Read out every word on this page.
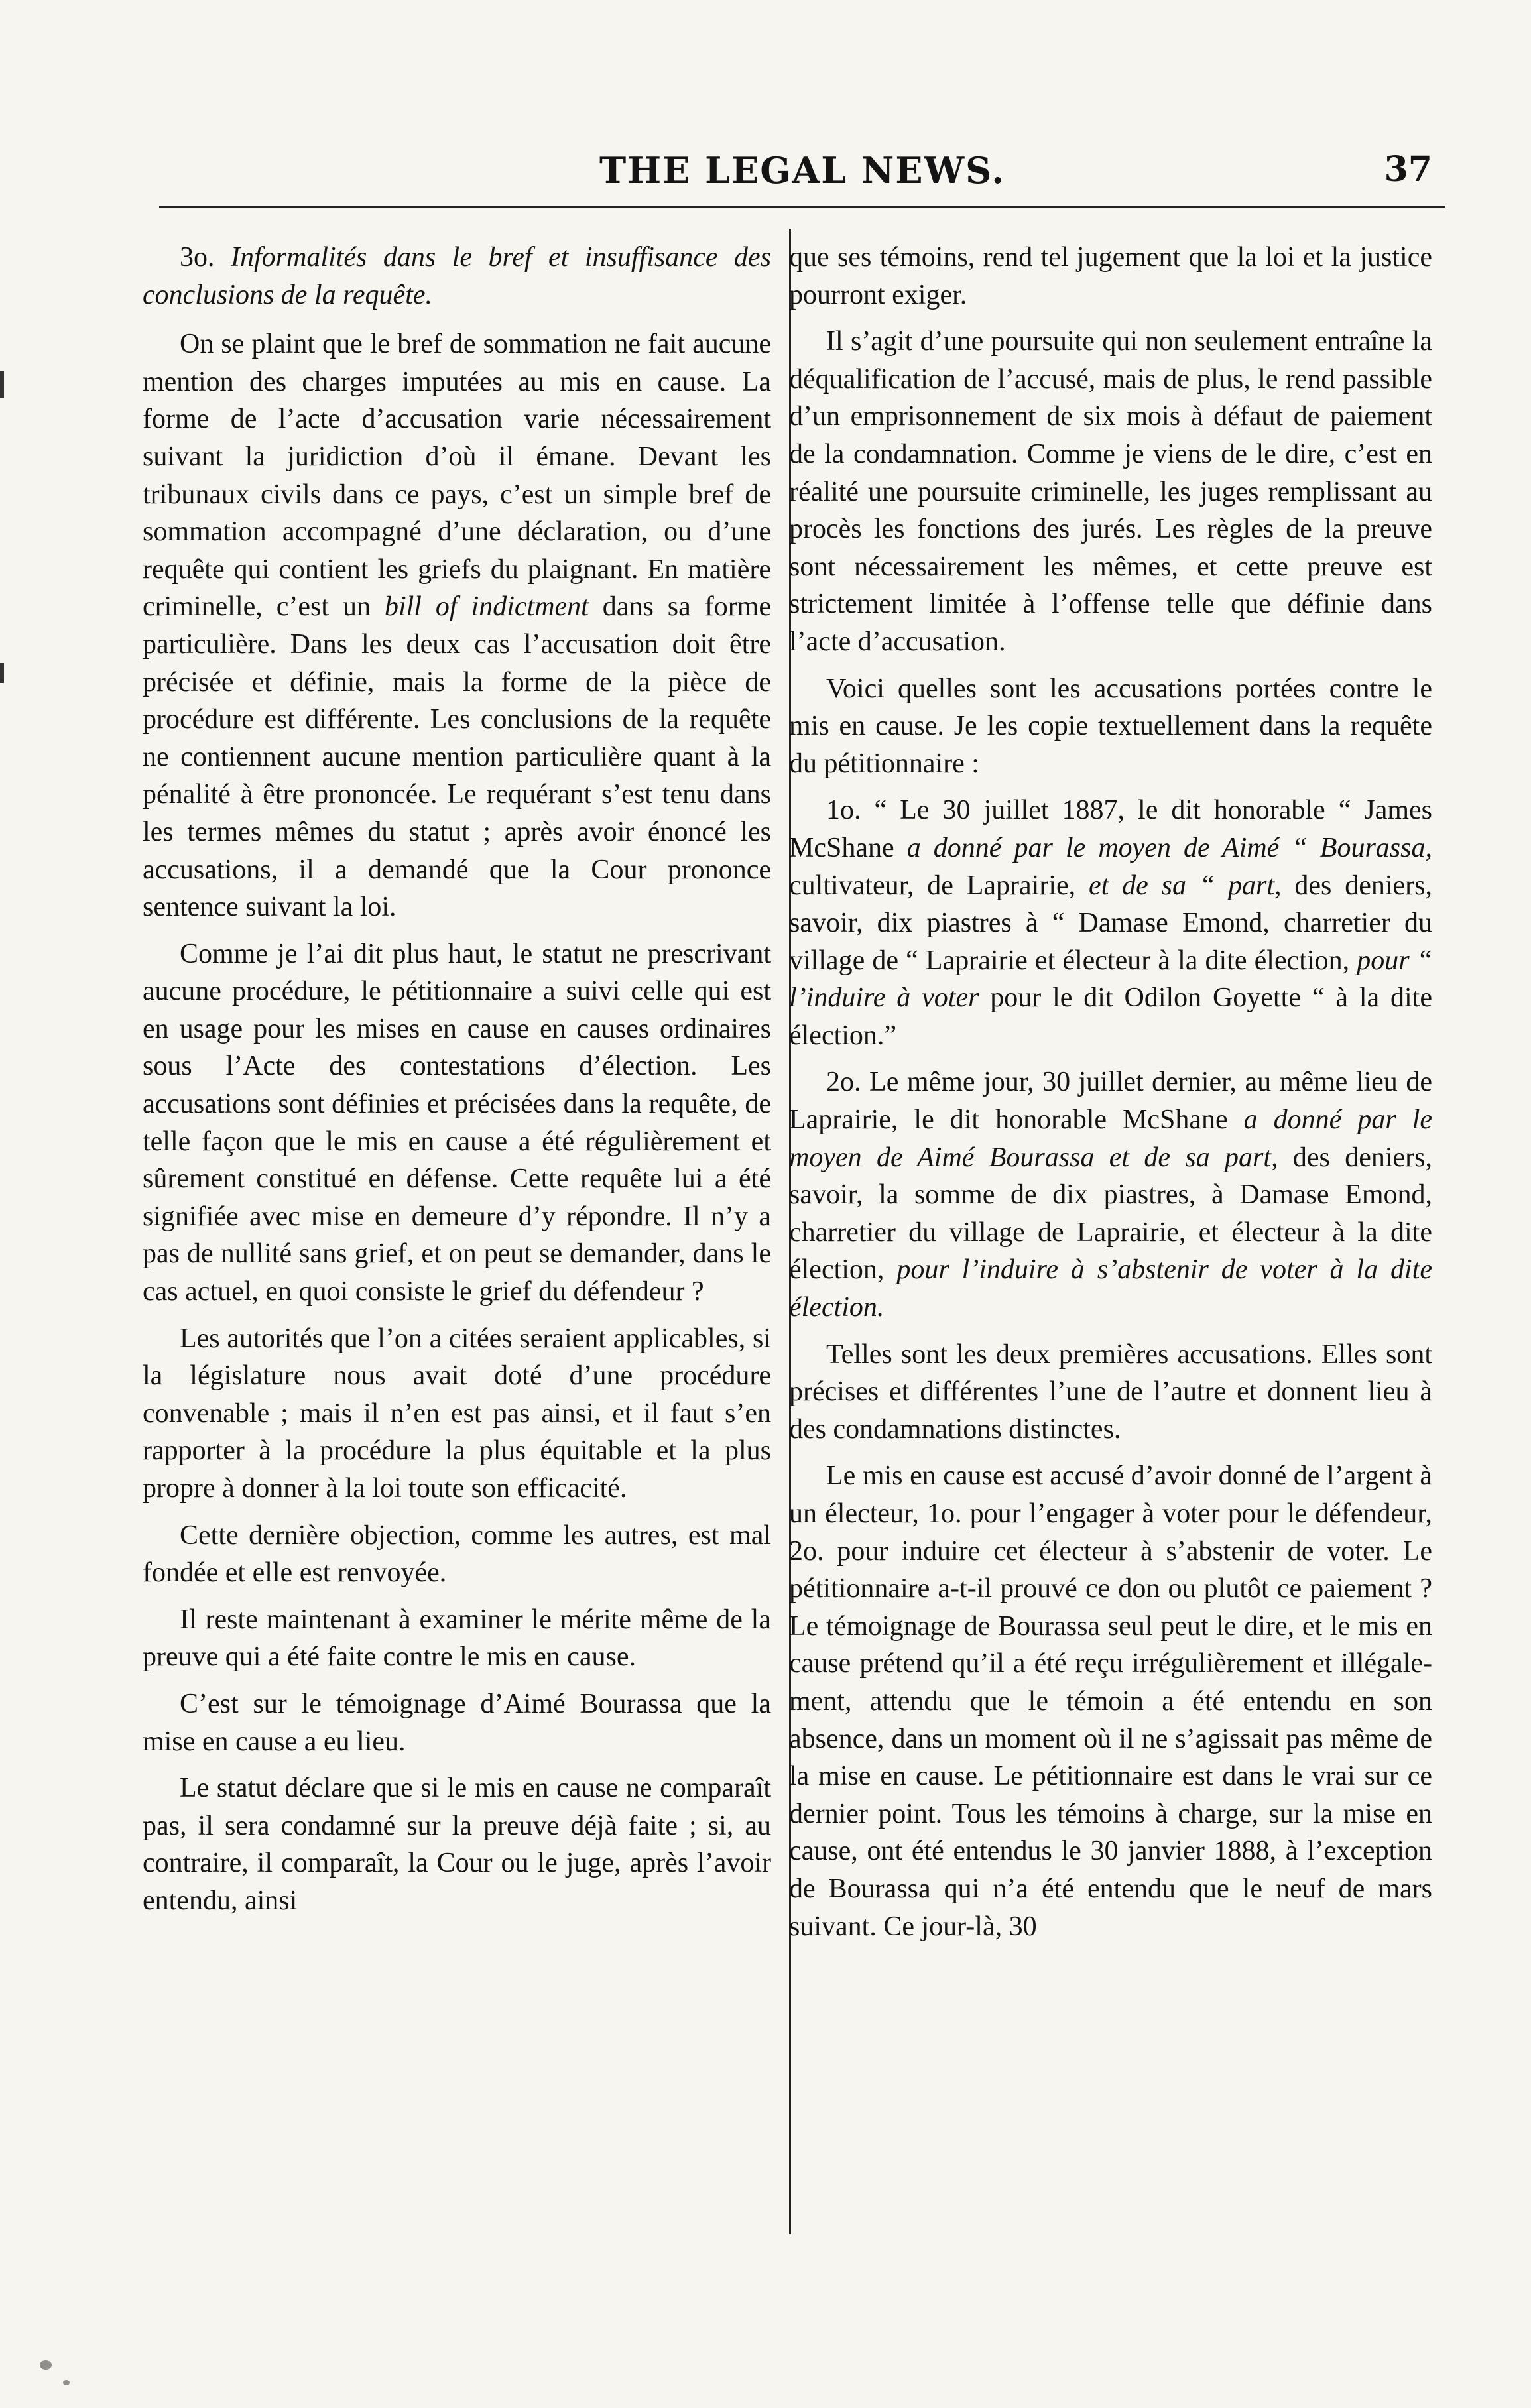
THE LEGAL NEWS.	37

3o. Informalités dans le bref et insuffisance des conclusions de la requête.

On se plaint que le bref de sommation ne fait aucune mention des charges imputées au mis en cause. La forme de l’acte d’accusation varie nécessairement suivant la juridiction d’où il émane. Devant les tribunaux civils dans ce pays, c’est un simple bref de sommation accompagné d’une déclaration, ou d’une requête qui contient les griefs du plaignant. En matière criminelle, c’est un bill of indictment dans sa forme particulière. Dans les deux cas l’accusation doit être précisée et définie, mais la forme de la pièce de procédure est différente. Les conclusions de la requête ne contiennent aucune mention particulière quant à la pénalité à être prononcée. Le requérant s’est tenu dans les termes mêmes du statut ; après avoir énoncé les accusations, il a demandé que la Cour prononce sentence suivant la loi.

Comme je l’ai dit plus haut, le statut ne prescrivant aucune procédure, le pétitionnaire a suivi celle qui est en usage pour les mises en cause en causes ordinaires sous l’Acte des contestations d’élection. Les accusations sont définies et précisées dans la requête, de telle façon que le mis en cause a été régulièrement et sûrement constitué en défense. Cette requête lui a été signifiée avec mise en demeure d’y répondre. Il n’y a pas de nullité sans grief, et on peut se demander, dans le cas actuel, en quoi consiste le grief du défendeur ?

Les autorités que l’on a citées seraient applicables, si la législature nous avait doté d’une procédure convenable ; mais il n’en est pas ainsi, et il faut s’en rapporter à la procédure la plus équitable et la plus propre à donner à la loi toute son efficacité.

Cette dernière objection, comme les autres, est mal fondée et elle est renvoyée.

Il reste maintenant à examiner le mérite même de la preuve qui a été faite contre le mis en cause.

C’est sur le témoignage d’Aimé Bourassa que la mise en cause a eu lieu.

Le statut déclare que si le mis en cause ne comparaît pas, il sera condamné sur la preuve déjà faite ; si, au contraire, il comparaît, la Cour ou le juge, après l’avoir entendu, ainsi

que ses témoins, rend tel jugement que la loi et la justice pourront exiger.

Il s’agit d’une poursuite qui non seulement entraîne la déqualification de l’accusé, mais de plus, le rend passible d’un emprisonnement de six mois à défaut de paiement de la condamnation. Comme je viens de le dire, c’est en réalité une poursuite criminelle, les juges remplissant au procès les fonctions des jurés. Les règles de la preuve sont nécessairement les mêmes, et cette preuve est strictement limitée à l’offense telle que définie dans l’acte d’accusation.

Voici quelles sont les accusations portées contre le mis en cause. Je les copie textuellement dans la requête du pétitionnaire :

1o. “ Le 30 juillet 1887, le dit honorable “ James McShane a donné par le moyen de Aimé “ Bourassa, cultivateur, de Laprairie, et de sa “ part, des deniers, savoir, dix piastres à “ Damase Emond, charretier du village de “ Laprairie et électeur à la dite élection, pour “ l’induire à voter pour le dit Odilon Goyette “ à la dite élection.”

2o. Le même jour, 30 juillet dernier, au même lieu de Laprairie, le dit honorable McShane a donné par le moyen de Aimé Bourassa et de sa part, des deniers, savoir, la somme de dix piastres, à Damase Emond, charretier du village de Laprairie, et électeur à la dite élection, pour l’induire à s’abstenir de voter à la dite élection.

Telles sont les deux premières accusations. Elles sont précises et différentes l’une de l’autre et donnent lieu à des condamnations distinctes.

Le mis en cause est accusé d’avoir donné de l’argent à un électeur, 1o. pour l’engager à voter pour le défendeur, 2o. pour induire cet électeur à s’abstenir de voter. Le pétitionnaire a-t-il prouvé ce don ou plutôt ce paiement ? Le témoignage de Bourassa seul peut le dire, et le mis en cause prétend qu’il a été reçu irrégulièrement et illégalement, attendu que le témoin a été entendu en son absence, dans un moment où il ne s’agissait pas même de la mise en cause. Le pétitionnaire est dans le vrai sur ce dernier point. Tous les témoins à charge, sur la mise en cause, ont été entendus le 30 janvier 1888, à l’exception de Bourassa qui n’a été entendu que le neuf de mars suivant. Ce jour-là, 30
